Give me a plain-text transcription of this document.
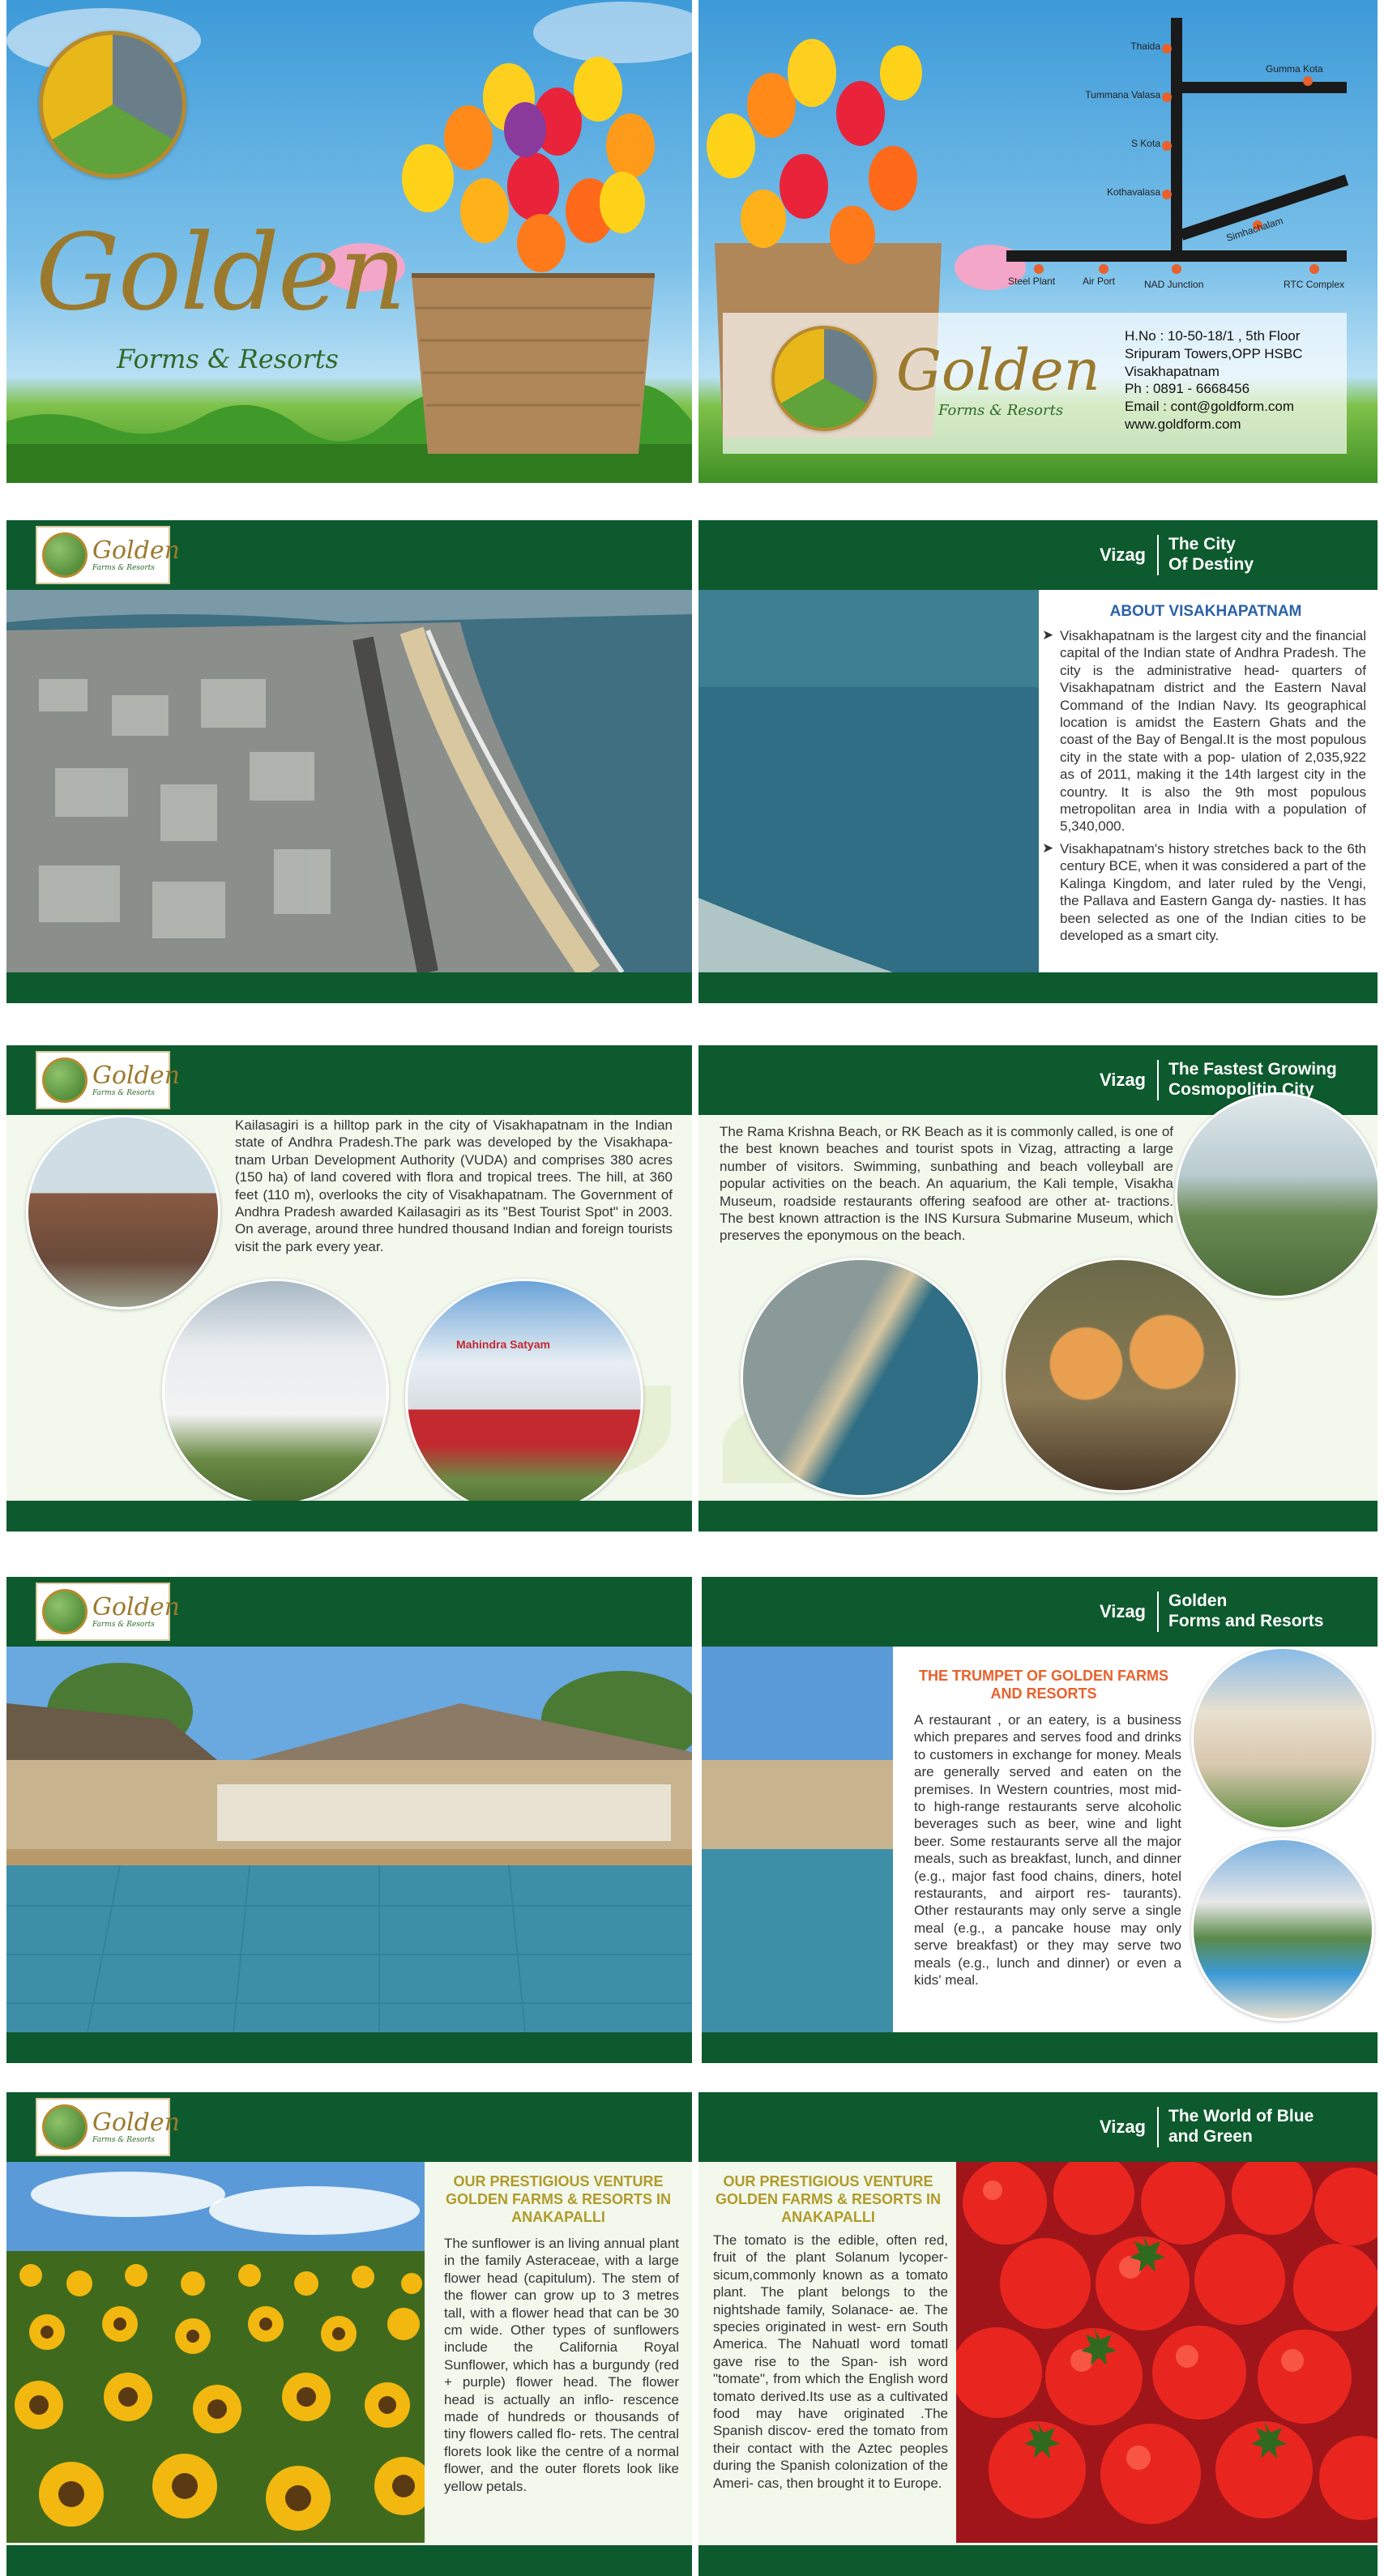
Golden
Forms & Resorts
Thaida
Gumma Kota
Tummana Valasa
S Kota
Kothavalasa
Simhachalam
Steel Plant	Air Port	NAD Junction	RTC Complex
Golden
Forms & Resorts
H.No : 10-50-18/1 , 5th Floor
Sripuram Towers,OPP HSBC
Visakhapatnam
Ph : 0891 - 6668456
Email : cont@goldform.com
www.goldform.com
Golden
Farms & Resorts
Vizag
The City
Of Destiny
ABOUT VISAKHAPATNAM
➤ Visakhapatnam is the largest city and the financial capital of the Indian state of Andhra Pradesh. The city is the administrative head- quarters of Visakhapatnam district and the Eastern Naval Command of the Indian Navy. Its geographical location is amidst the Eastern Ghats and the coast of the Bay of Bengal.It is the most populous city in the state with a pop- ulation of 2,035,922 as of 2011, making it the 14th largest city in the country. It is also the 9th most populous metropolitan area in India with a population of 5,340,000.
➤ Visakhapatnam's history stretches back to the 6th century BCE, when it was considered a part of the Kalinga Kingdom, and later ruled by the Vengi, the Pallava and Eastern Ganga dy- nasties. It has been selected as one of the Indian cities to be developed as a smart city.
Golden
Farms & Resorts
Kailasagiri is a hilltop park in the city of Visakhapatnam in the Indian state of Andhra Pradesh.The park was developed by the Visakhapa- tnam Urban Development Authority (VUDA) and comprises 380 acres (150 ha) of land covered with flora and tropical trees. The hill, at 360 feet (110 m), overlooks the city of Visakhapatnam. The Government of Andhra Pradesh awarded Kailasagiri as its "Best Tourist Spot" in 2003. On average, around three hundred thousand Indian and foreign tourists visit the park every year.
Mahindra Satyam
Vizag
The Fastest Growing
Cosmopolitin City
The Rama Krishna Beach, or RK Beach as it is commonly called, is one of the best known beaches and tourist spots in Vizag, attracting a large number of visitors. Swimming, sunbathing and beach volleyball are popular activities on the beach. An aquarium, the Kali temple, Visakha Museum, roadside restaurants offering seafood are other at- tractions. The best known attraction is the INS Kursura Submarine Museum, which preserves the eponymous on the beach.
Golden
Farms & Resorts
Vizag
Golden
Forms and Resorts
THE TRUMPET OF GOLDEN FARMS AND RESORTS
A restaurant , or an eatery, is a business which prepares and serves food and drinks to customers in exchange for money. Meals are generally served and eaten on the premises. In Western countries, most mid- to high-range restaurants serve alcoholic beverages such as beer, wine and light beer. Some restaurants serve all the major meals, such as breakfast, lunch, and dinner (e.g., major fast food chains, diners, hotel restaurants, and airport res- taurants). Other restaurants may only serve a single meal (e.g., a pancake house may only serve breakfast) or they may serve two meals (e.g., lunch and dinner) or even a kids' meal.
Golden
Farms & Resorts
OUR PRESTIGIOUS VENTURE GOLDEN FARMS & RESORTS IN ANAKAPALLI
The sunflower is an living annual plant in the family Asteraceae, with a large flower head (capitulum). The stem of the flower can grow up to 3 metres tall, with a flower head that can be 30 cm wide. Other types of sunflowers include the California Royal Sunflower, which has a burgundy (red + purple) flower head. The flower head is actually an inflo- rescence made of hundreds or thousands of tiny flowers called flo- rets. The central florets look like the centre of a normal flower, and the outer florets look like yellow petals.
Vizag
The World of Blue
and Green
OUR PRESTIGIOUS VENTURE GOLDEN FARMS & RESORTS IN ANAKAPALLI
The tomato is the edible, often red, fruit of the plant Solanum lycoper- sicum,commonly known as a tomato plant. The plant belongs to the nightshade family, Solanace- ae. The species originated in west- ern South America. The Nahuatl word tomatl gave rise to the Span- ish word "tomate", from which the English word tomato derived.Its use as a cultivated food may have originated .The Spanish discov- ered the tomato from their contact with the Aztec peoples during the Spanish colonization of the Ameri- cas, then brought it to Europe.
